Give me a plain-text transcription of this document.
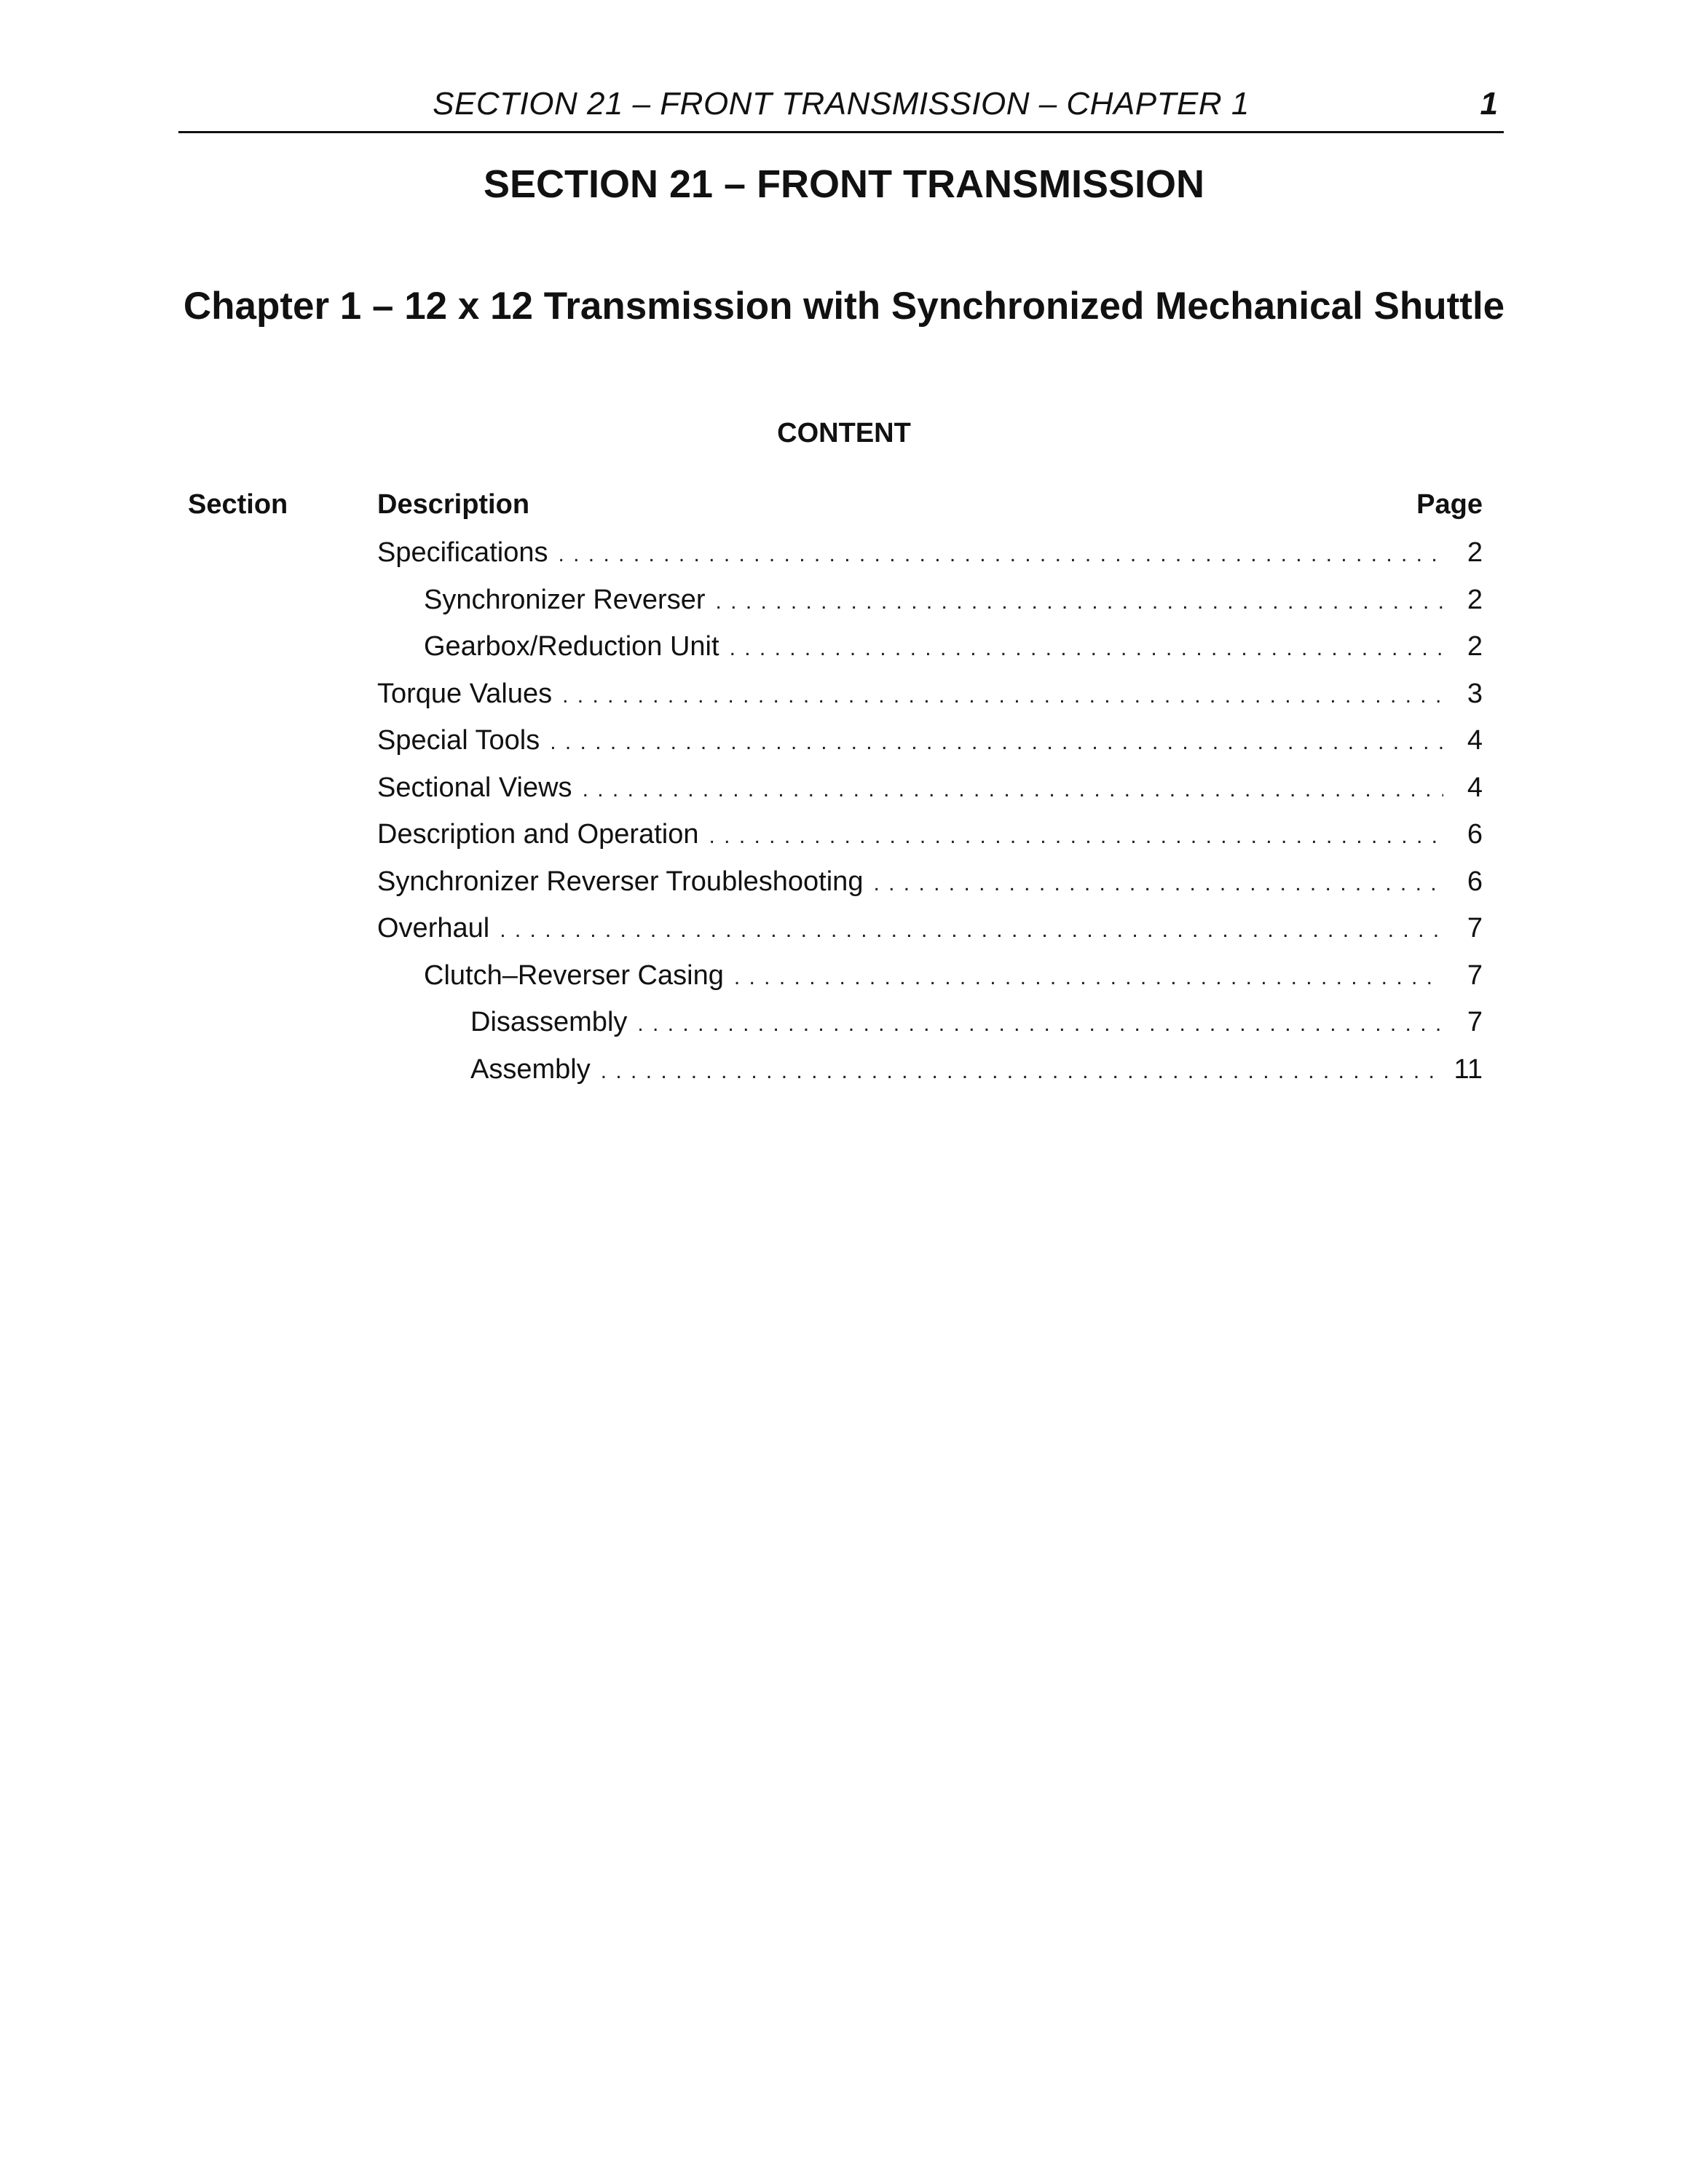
SECTION 21 – FRONT TRANSMISSION – CHAPTER 1	1
SECTION 21 – FRONT TRANSMISSION
Chapter 1 – 12 x 12 Transmission with Synchronized Mechanical Shuttle
CONTENT
Section	Description	Page
Specifications . . .	2
Synchronizer Reverser . . .	2
Gearbox/Reduction Unit . . .	2
Torque Values . . .	3
Special Tools . . .	4
Sectional Views . . .	4
Description and Operation . . .	6
Synchronizer Reverser Troubleshooting . . .	6
Overhaul . . .	7
Clutch–Reverser Casing . . .	7
Disassembly . . .	7
Assembly . . .	11
